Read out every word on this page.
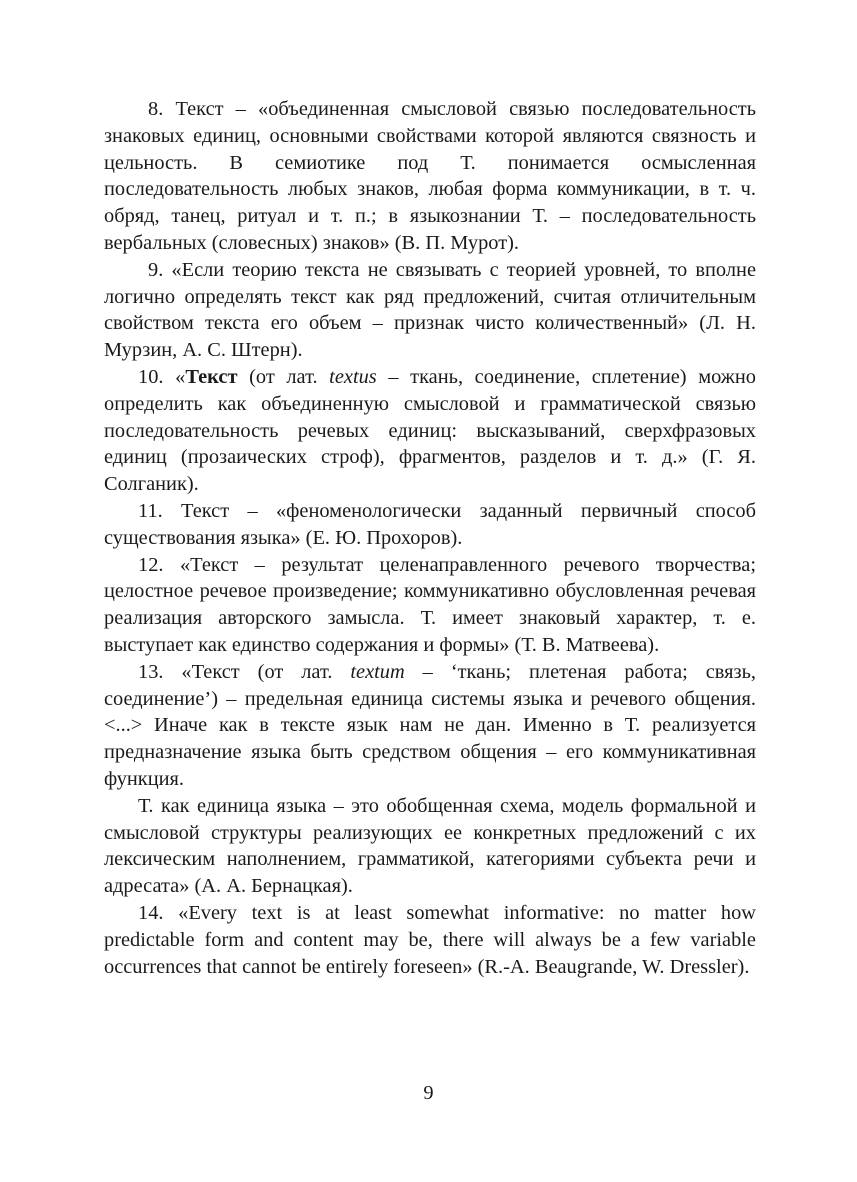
8. Текст – «объединенная смысловой связью последовательность знаковых единиц, основными свойствами которой являются связность и цельность. В семиотике под Т. понимается осмысленная последовательность любых знаков, любая форма коммуникации, в т. ч. обряд, танец, ритуал и т. п.; в языкознании Т. – последовательность вербальных (словесных) знаков» (В. П. Мурот).

9. «Если теорию текста не связывать с теорией уровней, то вполне логично определять текст как ряд предложений, считая отличительным свойством текста его объем – признак чисто количественный» (Л. Н. Мурзин, А. С. Штерн).

10. «Текст (от лат. textus – ткань, соединение, сплетение) можно определить как объединенную смысловой и грамматической связью последовательность речевых единиц: высказываний, сверхфразовых единиц (прозаических строф), фрагментов, разделов и т. д.» (Г. Я. Солганик).

11. Текст – «феноменологически заданный первичный способ существования языка» (Е. Ю. Прохоров).

12. «Текст – результат целенаправленного речевого творчества; целостное речевое произведение; коммуникативно обусловленная речевая реализация авторского замысла. Т. имеет знаковый характер, т. е. выступает как единство содержания и формы» (Т. В. Матвеева).

13. «Текст (от лат. textum – ‘ткань; плетеная работа; связь, соединение’) – предельная единица системы языка и речевого общения. <...> Иначе как в тексте язык нам не дан. Именно в Т. реализуется предназначение языка быть средством общения – его коммуникативная функция.

Т. как единица языка – это обобщенная схема, модель формальной и смысловой структуры реализующих ее конкретных предложений с их лексическим наполнением, грамматикой, категориями субъекта речи и адресата» (А. А. Бернацкая).

14. «Every text is at least somewhat informative: no matter how predictable form and content may be, there will always be a few variable occurrences that cannot be entirely foreseen» (R.-A. Beaugrande, W. Dressler).

9
